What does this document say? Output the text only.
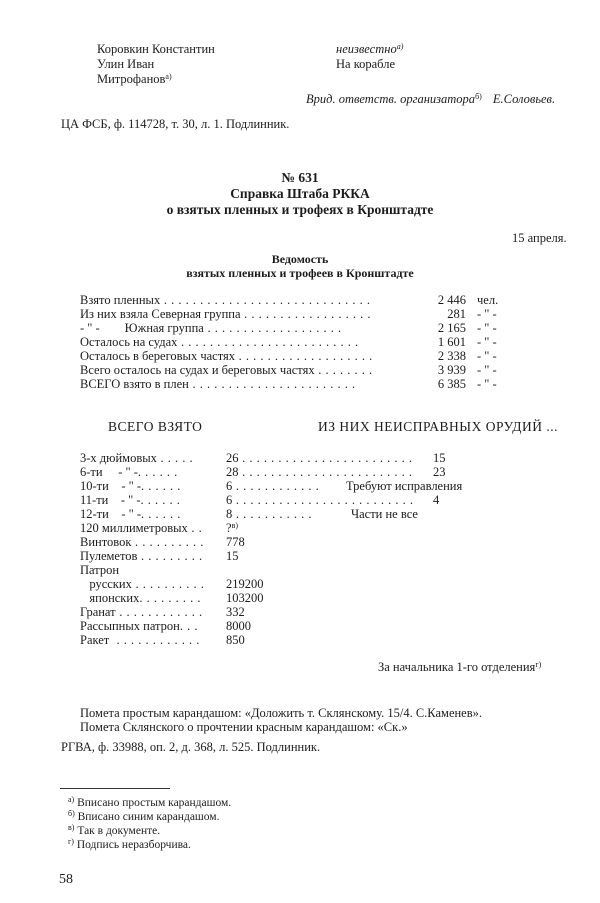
Коровкин Константин	неизвестно$^{а)}$
Улин Иван	На корабле
Митрофанов$^{а)}$
Врид. ответств. организатора$^{б)}$ Е.Соловьев.
ЦА ФСБ, ф. 114728, т. 30, л. 1. Подлинник.
№ 631
Справка Штаба РККА
о взятых пленных и трофеях в Кронштадте
15 апреля.
Ведомость
взятых пленных и трофеев в Кронштадте
Взято пленных . . . . . . . . . . . . . . . . . . . . . . . . . . . . .	2 446 чел.
Из них взяла Северная группа . . . . . . . . . . . . . . . . . .	281 - " -
- " -        Южная группа . . . . . . . . . . . . . . . . . . .	2 165 - " -
Осталось на судах . . . . . . . . . . . . . . . . . . . . . . . . .	1 601 - " -
Осталось в береговых частях . . . . . . . . . . . . . . . . . . .	2 338 - " -
Всего осталось на судах и береговых частях . . . . . . . .	3 939 - " -
ВСЕГО взято в плен . . . . . . . . . . . . . . . . . . . . . . .	6 385 - " -
ВСЕГО ВЗЯТО	ИЗ НИХ НЕИСПРАВНЫХ ОРУДИЙ ...
3-х дюймовых . . . . .	26 . . . . . . . . . . . . . . . . . . . . . . . . 15
6-ти     - " -. . . . . .	28 . . . . . . . . . . . . . . . . . . . . . . . . 23
10-ти    - " -. . . . . .	6 . . . . . . . . . . . . Требуют исправления
11-ти    - " -. . . . . .	6 . . . . . . . . . . . . . . . . . . . . . . . . . 4
12-ти    - " -. . . . . .	8 . . . . . . . . . . .	Части не все
120 миллиметровых . . ?$^{в)}$
Винтовок . . . . . . . . . . 778
Пулеметов . . . . . . . . . 15
Патрон
русских . . . . . . . . . . 219200
японских. . . . . . . . . 103200
Гранат . . . . . . . . . . . . 332
Рассыпных патрон. . . 8000
Ракет  . . . . . . . . . . . . 850
За начальника 1-го отделения$^{г)}$
Помета простым карандашом: «Доложить т. Склянскому. 15/4. С.Каменев».
Помета Склянского о прочтении красным карандашом: «Ск.»
РГВА, ф. 33988, оп. 2, д. 368, л. 525. Подлинник.
$^{а)}$ Вписано простым карандашом.
$^{б)}$ Вписано синим карандашом.
$^{в)}$ Так в документе.
$^{г)}$ Подпись неразборчива.
58
